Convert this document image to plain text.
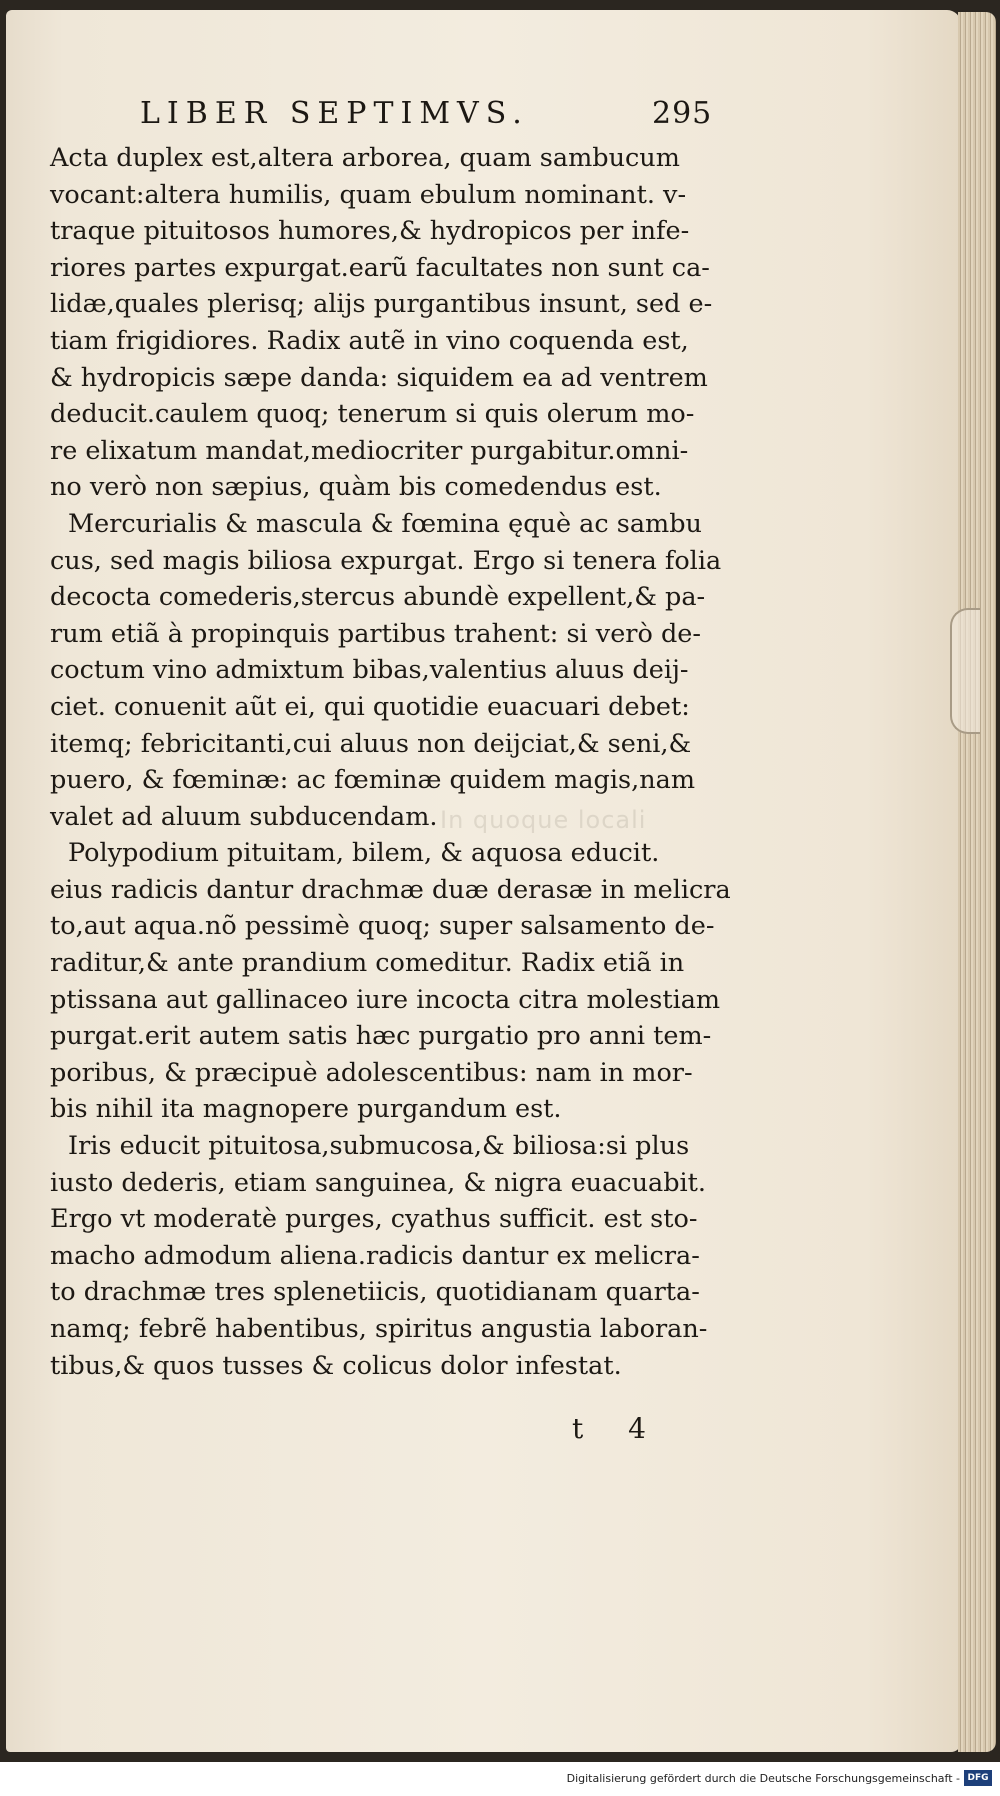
In quoque locali
LIBER SEPTIMVS.	295

Acta duplex est,altera arborea, quam sambucum
vocant:altera humilis, quam ebulum nominant. v-
traque pituitosos humores,& hydropicos per infe-
riores partes expurgat.earũ facultates non sunt ca-
lidæ,quales plerisq; alijs purgantibus insunt, sed e-
tiam frigidiores. Radix autẽ in vino coquenda est,
& hydropicis sæpe danda: siquidem ea ad ventrem
deducit.caulem quoq; tenerum si quis olerum mo-
re elixatum mandat,mediocriter purgabitur.omni-
no verò non sæpius, quàm bis comedendus est.

Mercurialis & mascula & fœmina ęquè ac sambu
cus, sed magis biliosa expurgat. Ergo si tenera folia
decocta comederis,stercus abundè expellent,& pa-
rum etiã à propinquis partibus trahent: si verò de-
coctum vino admixtum bibas,valentius aluus deij-
ciet. conuenit aũt ei, qui quotidie euacuari debet:
itemq; febricitanti,cui aluus non deijciat,& seni,&
puero, & fœminæ: ac fœminæ quidem magis,nam
valet ad aluum subducendam.

Polypodium pituitam, bilem, & aquosa educit.
eius radicis dantur drachmæ duæ derasæ in melicra
to,aut aqua.nõ pessimè quoq; super salsamento de-
raditur,& ante prandium comeditur. Radix etiã in
ptissana aut gallinaceo iure incocta citra molestiam
purgat.erit autem satis hæc purgatio pro anni tem-
poribus, & præcipuè adolescentibus: nam in mor-
bis nihil ita magnopere purgandum est.

Iris educit pituitosa,submucosa,& biliosa:si plus
iusto dederis, etiam sanguinea, & nigra euacuabit.
Ergo vt moderatè purges, cyathus sufficit. est sto-
macho admodum aliena.radicis dantur ex melicra-
to drachmæ tres splenetiicis, quotidianam quarta-
namq; febrẽ habentibus, spiritus angustia laboran-
tibus,& quos tusses & colicus dolor infestat.

t 4
Digitalisierung gefördert durch die Deutsche Forschungsgemeinschaft - DFG
